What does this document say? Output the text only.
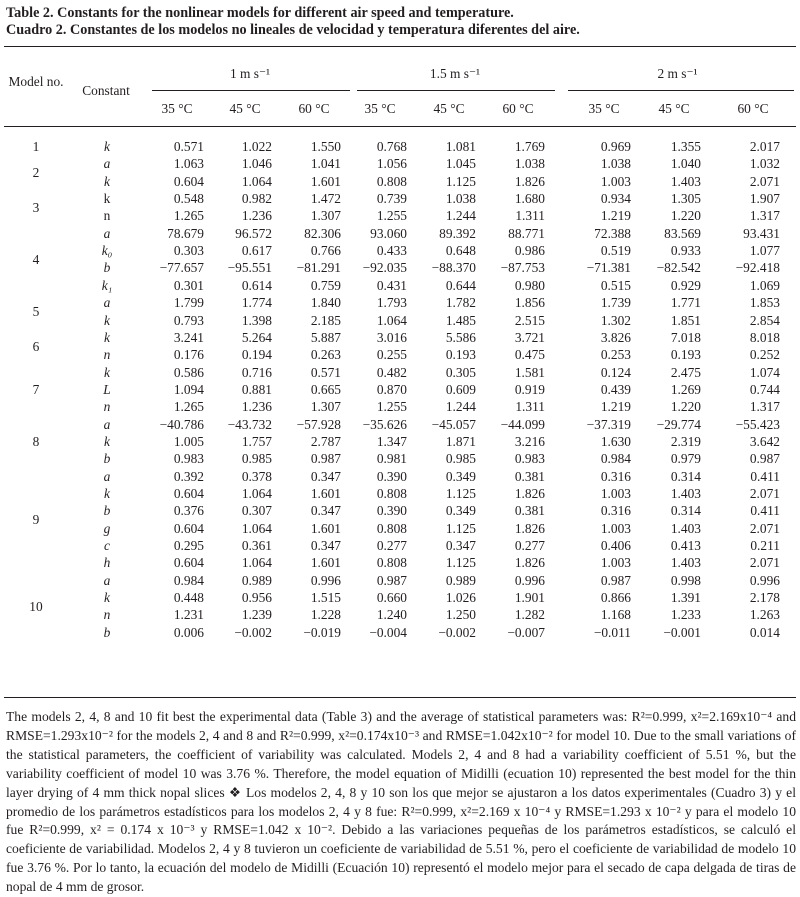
Table 2. Constants for the nonlinear models for different air speed and temperature.
Cuadro 2. Constantes de los modelos no lineales de velocidad y temperatura diferentes del aire.
Model no.
Constant
1 m s⁻¹	1.5 m s⁻¹	2 m s⁻¹
35 °C	45 °C	60 °C	35 °C	45 °C	60 °C	35 °C	45 °C	60 °C
1	k	0.571	1.022	1.550	0.768	1.081	1.769	0.969	1.355	2.017
2
a	1.063	1.046	1.041	1.056	1.045	1.038	1.038	1.040	1.032
k	0.604	1.064	1.601	0.808	1.125	1.826	1.003	1.403	2.071
3
k	0.548	0.982	1.472	0.739	1.038	1.680	0.934	1.305	1.907
n	1.265	1.236	1.307	1.255	1.244	1.311	1.219	1.220	1.317
4
a	78.679	96.572	82.306	93.060	89.392	88.771	72.388	83.569	93.431
k₀	0.303	0.617	0.766	0.433	0.648	0.986	0.519	0.933	1.077
b	−77.657	−95.551	−81.291	−92.035	−88.370	−87.753	−71.381	−82.542	−92.418
k₁	0.301	0.614	0.759	0.431	0.644	0.980	0.515	0.929	1.069
5
a	1.799	1.774	1.840	1.793	1.782	1.856	1.739	1.771	1.853
k	0.793	1.398	2.185	1.064	1.485	2.515	1.302	1.851	2.854
6
k	3.241	5.264	5.887	3.016	5.586	3.721	3.826	7.018	8.018
n	0.176	0.194	0.263	0.255	0.193	0.475	0.253	0.193	0.252
7
k	0.586	0.716	0.571	0.482	0.305	1.581	0.124	2.475	1.074
L	1.094	0.881	0.665	0.870	0.609	0.919	0.439	1.269	0.744
n	1.265	1.236	1.307	1.255	1.244	1.311	1.219	1.220	1.317
8
a	−40.786	−43.732	−57.928	−35.626	−45.057	−44.099	−37.319	−29.774	−55.423
k	1.005	1.757	2.787	1.347	1.871	3.216	1.630	2.319	3.642
b	0.983	0.985	0.987	0.981	0.985	0.983	0.984	0.979	0.987
9
a	0.392	0.378	0.347	0.390	0.349	0.381	0.316	0.314	0.411
k	0.604	1.064	1.601	0.808	1.125	1.826	1.003	1.403	2.071
b	0.376	0.307	0.347	0.390	0.349	0.381	0.316	0.314	0.411
g	0.604	1.064	1.601	0.808	1.125	1.826	1.003	1.403	2.071
c	0.295	0.361	0.347	0.277	0.347	0.277	0.406	0.413	0.211
h	0.604	1.064	1.601	0.808	1.125	1.826	1.003	1.403	2.071
10
a	0.984	0.989	0.996	0.987	0.989	0.996	0.987	0.998	0.996
k	0.448	0.956	1.515	0.660	1.026	1.901	0.866	1.391	2.178
n	1.231	1.239	1.228	1.240	1.250	1.282	1.168	1.233	1.263
b	0.006	−0.002	−0.019	−0.004	−0.002	−0.007	−0.011	−0.001	0.014
The models 2, 4, 8 and 10 fit best the experimental data (Table 3) and the average of statistical parameters was: R²=0.999, x²=2.169x10⁻⁴ and RMSE=1.293x10⁻² for the models 2, 4 and 8 and R²=0.999, x²=0.174x10⁻³ and RMSE=1.042x10⁻² for model 10. Due to the small variations of the statistical parameters, the coefficient of variability was calculated. Models 2, 4 and 8 had a variability coefficient of 5.51 %, but the variability coefficient of model 10 was 3.76 %. Therefore, the model equation of Midilli (ecuation 10) represented the best model for the thin layer drying of 4 mm thick nopal slices ❖ Los modelos 2, 4, 8 y 10 son los que mejor se ajustaron a los datos experimentales (Cuadro 3) y el promedio de los parámetros estadísticos para los modelos 2, 4 y 8 fue: R²=0.999, x²=2.169 x 10⁻⁴ y RMSE=1.293 x 10⁻² y para el modelo 10 fue R²=0.999, x² = 0.174 x 10⁻³ y RMSE=1.042 x 10⁻². Debido a las variaciones pequeñas de los parámetros estadísticos, se calculó el coeficiente de variabilidad. Modelos 2, 4 y 8 tuvieron un coeficiente de variabilidad de 5.51 %, pero el coeficiente de variabilidad de modelo 10 fue 3.76 %. Por lo tanto, la ecuación del modelo de Midilli (Ecuación 10) representó el modelo mejor para el secado de capa delgada de tiras de nopal de 4 mm de grosor.
